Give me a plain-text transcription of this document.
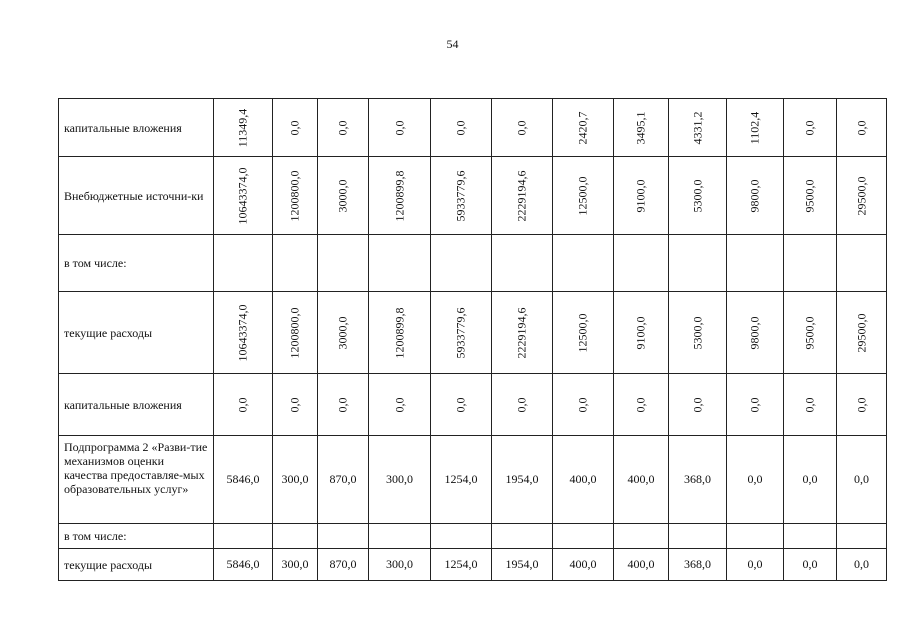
54
капитальные вложения	11349,4	0,0	0,0	0,0	0,0	0,0	2420,7	3495,1	4331,2	1102,4	0,0	0,0

Внебюджетные источни-ки	10643374,0	1200800,0	3000,0	1200899,8	5933779,6	2229194,6	12500,0	9100,0	5300,0	9800,0	9500,0	29500,0

в том числе:												
текущие расходы	10643374,0	1200800,0	3000,0	1200899,8	5933779,6	2229194,6	12500,0	9100,0	5300,0	9800,0	9500,0	29500,0

капитальные вложения	0,0	0,0	0,0	0,0	0,0	0,0	0,0	0,0	0,0	0,0	0,0	0,0

Подпрограмма 2 «Разви-тие механизмов оценки качества предоставляе-мых образовательных услуг»	5846,0	300,0	870,0	300,0	1254,0	1954,0	400,0	400,0	368,0	0,0	0,0	0,0
в том числе:												
текущие расходы	5846,0	300,0	870,0	300,0	1254,0	1954,0	400,0	400,0	368,0	0,0	0,0	0,0
